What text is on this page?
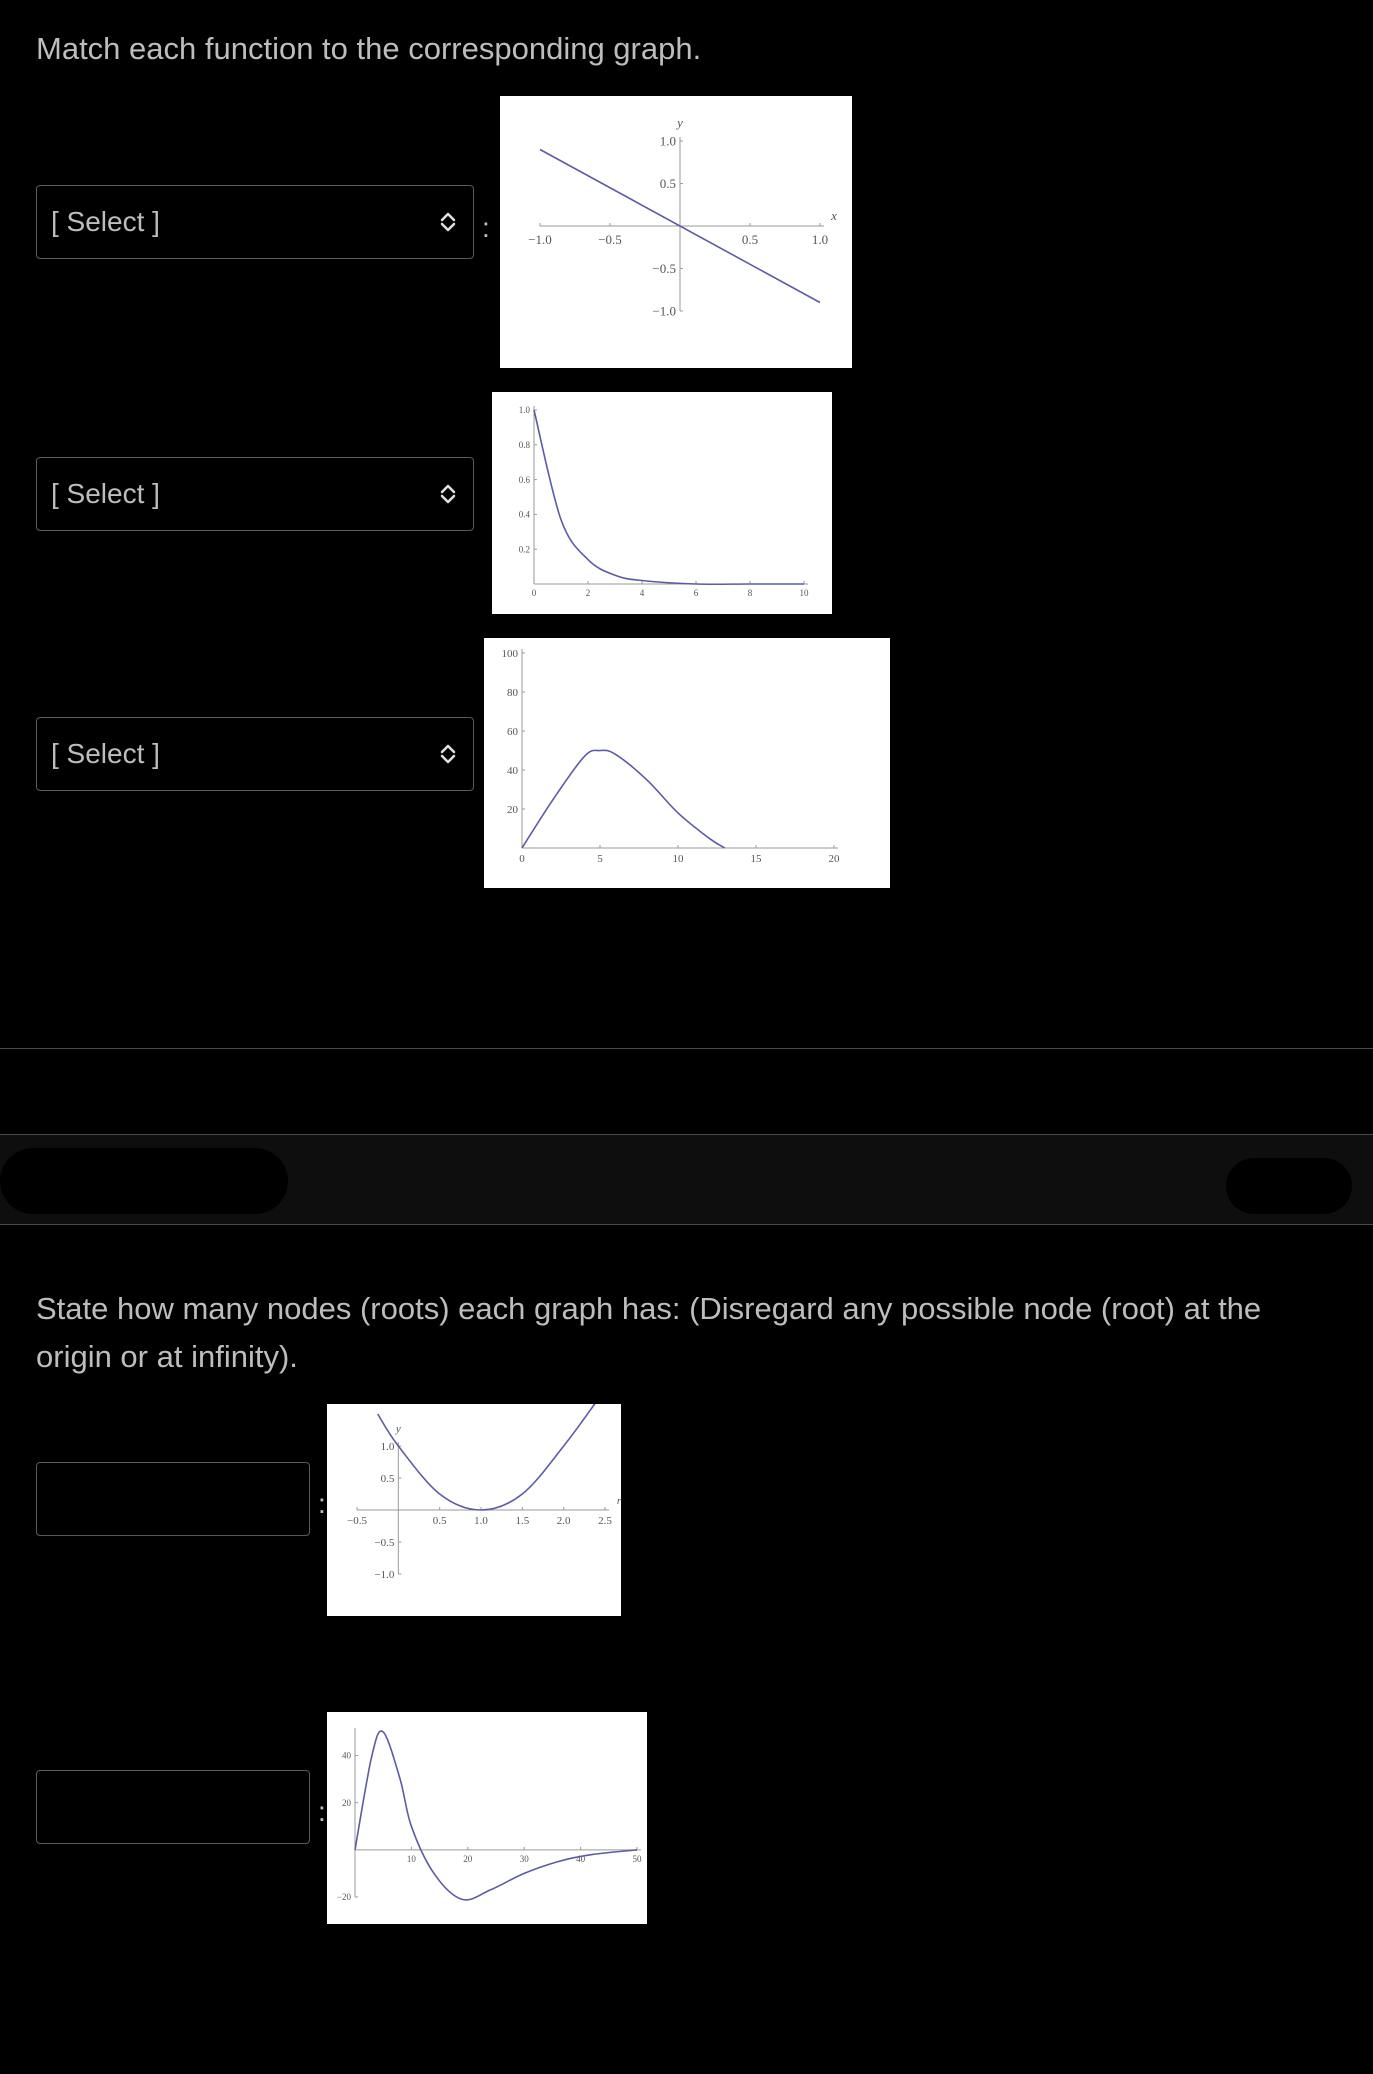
Match each function to the corresponding graph.
[ Select ]	:
[ Select ]
[ Select ]
−1.0	−0.5	0.5	1.0
1.0
0.5
−0.5
−1.0
x
y
0	2	4	6	8	10
1.0
0.8
0.6
0.4
0.2
0	5	10	15	20
100
80
60
40
20

State how many nodes (roots) each graph has: (Disregard any possible node (root) at the origin or at infinity).

:
:
−0.5	0.5	1.0	1.5	2.0	2.5
1.0
0.5
−0.5
−1.0
r
y
10	20	30	40	50
40
20
−20
